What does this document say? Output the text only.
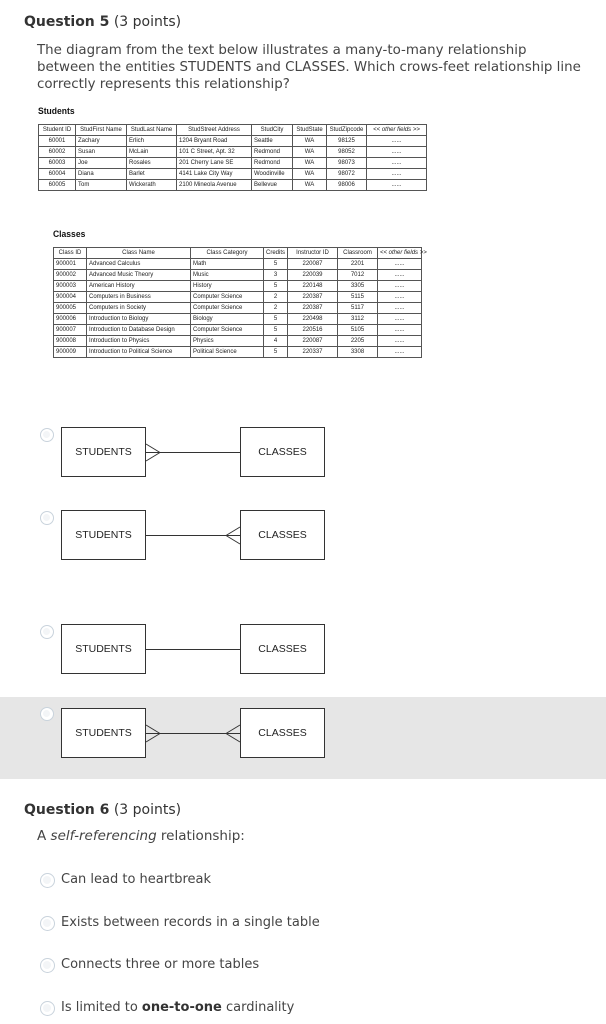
Question 5 (3 points)
The diagram from the text below illustrates a many-to-many relationship between the entities STUDENTS and CLASSES. Which crows-feet relationship line correctly represents this relationship?
Students
Student ID	StudFirst Name	StudLast Name	StudStreet Address	StudCity	StudState	StudZipcode	<< other fields >>
60001	Zachary	Erlich	1204 Bryant Road	Seattle	WA	98125	......
60002	Susan	McLain	101 C Street, Apt. 32	Redmond	WA	98052	......
60003	Joe	Rosales	201 Cherry Lane SE	Redmond	WA	98073	......
60004	Diana	Barlet	4141 Lake City Way	Woodinville	WA	98072	......
60005	Tom	Wickerath	2100 Mineola Avenue	Bellevue	WA	98006	......
Classes
Class ID	Class Name	Class Category	Credits	Instructor ID	Classroom	<< other fields >>
900001	Advanced Calculus	Math	5	220087	2201	......
900002	Advanced Music Theory	Music	3	220039	7012	......
900003	American History	History	5	220148	3305	......
900004	Computers in Business	Computer Science	2	220387	5115	......
900005	Computers in Society	Computer Science	2	220387	5117	......
900006	Introduction to Biology	Biology	5	220498	3112	......
900007	Introduction to Database Design	Computer Science	5	220516	5105	......
900008	Introduction to Physics	Physics	4	220087	2205	......
900009	Introduction to Political Science	Political Science	5	220337	3308	......
STUDENTS	CLASSES
STUDENTS	CLASSES
STUDENTS	CLASSES
STUDENTS	CLASSES
Question 6 (3 points)
A self-referencing relationship:
Can lead to heartbreak
Exists between records in a single table
Connects three or more tables
Is limited to one-to-one cardinality
